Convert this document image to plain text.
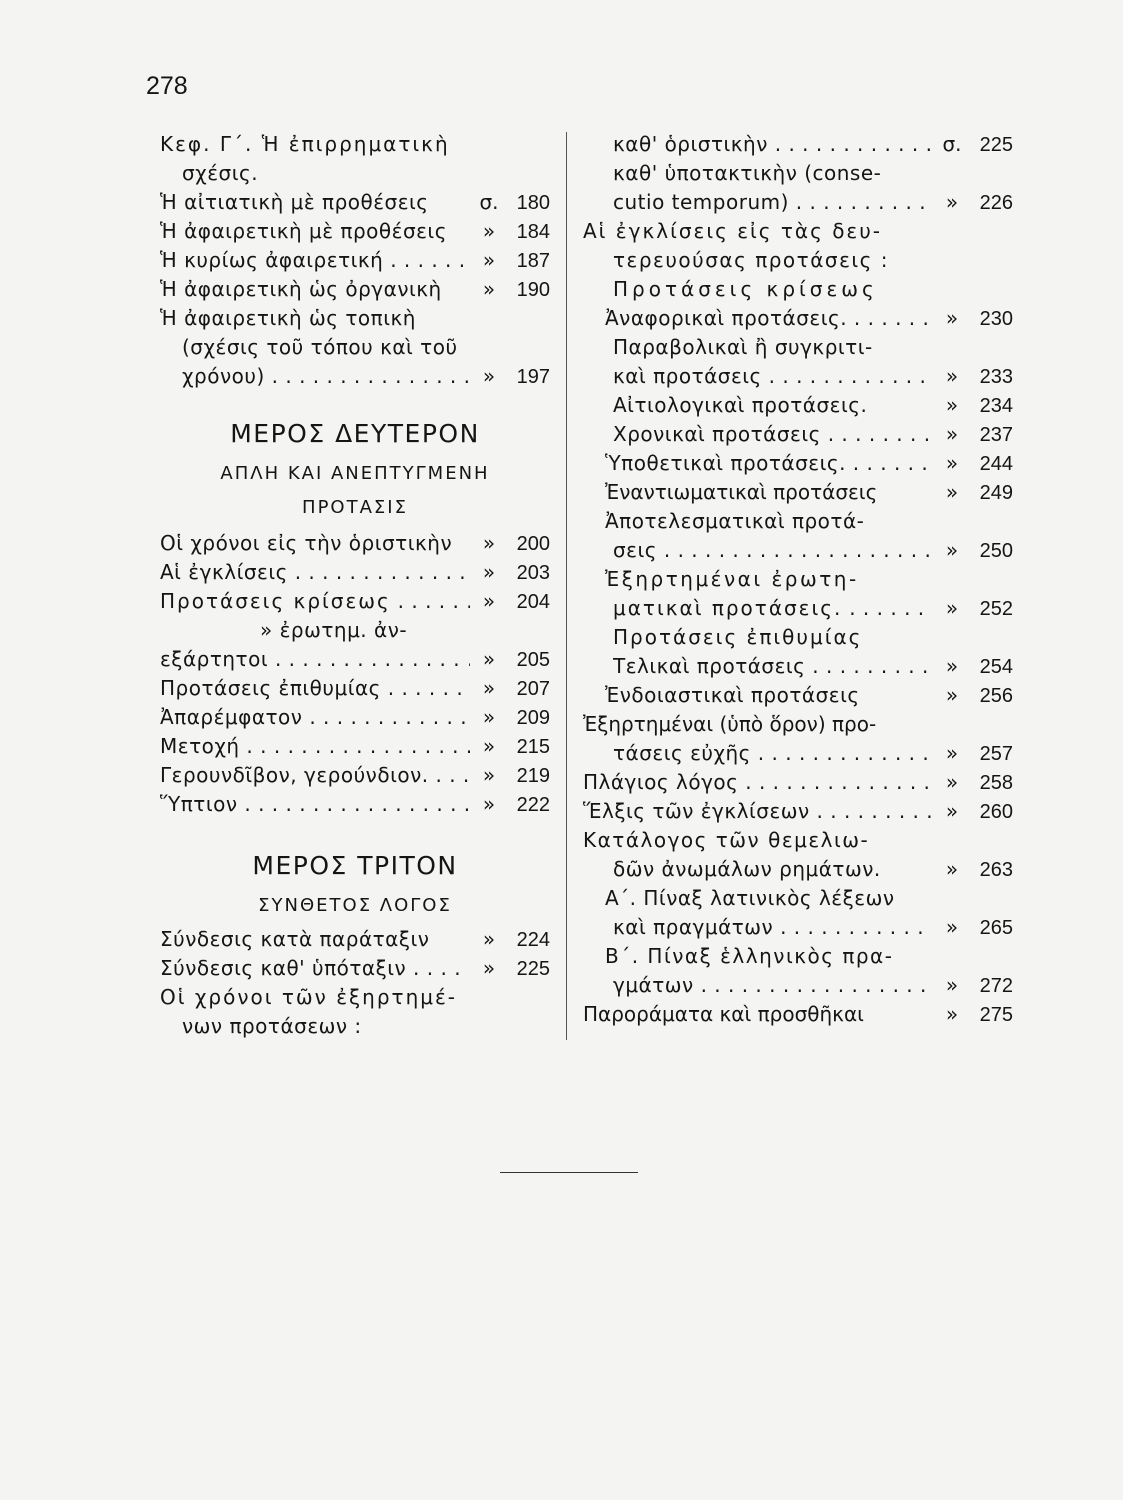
278
Κεφ. Γ΄. Ἡ ἐπιρρηματικὴ
σχέσις.
Ἡ αἰτιατικὴ μὲ προθέσεις	σ. 180
Ἡ ἀφαιρετικὴ μὲ προθέσεις	»	184
Ἡ κυρίως ἀφαιρετική . . .	»	187
Ἡ ἀφαιρετικὴ ὡς ὀργανικὴ	»	190
Ἡ ἀφαιρετικὴ ὡς τοπικὴ
(σχέσις τοῦ τόπου καὶ τοῦ
χρόνου) . . .	»	197
ΜΕΡΟΣ ΔΕΥΤΕΡΟΝ
ΑΠΛΗ ΚΑΙ ΑΝΕΠΤΥΓΜΕΝΗ
ΠΡΟΤΑΣΙΣ
Οἱ χρόνοι εἰς τὴν ὁριστικὴν	»	200
Αἱ ἐγκλίσεις . . .	»	203
Προτάσεις κρίσεως . . .	»	204
» ἐρωτημ. ἀν-
εξάρτητοι . . .	»	205
Προτάσεις ἐπιθυμίας . . .	»	207
Ἀπαρέμφατον . . .	»	209
Μετοχή . . .	»	215
Γερουνδῖβον, γερούνδιον. . . .	»	219
Ὕπτιον . . .	»	222
ΜΕΡΟΣ ΤΡΙΤΟΝ
ΣΥΝΘΕΤΟΣ ΛΟΓΟΣ
Σύνδεσις κατὰ παράταξιν	»	224
Σύνδεσις καθ' ὑπόταξιν . . .	»	225
Οἱ χρόνοι τῶν ἐξηρτημέ-
νων προτάσεων :
καθ' ὁριστικὴν . . .	σ. 225
καθ' ὑποτακτικὴν (conse-
cutio temporum) . . .	»	226
Αἱ ἐγκλίσεις εἰς τὰς δευ-
τερευούσας προτάσεις :
Προτάσεις κρίσεως
Ἀναφορικαὶ προτάσεις. . . .	»	230
Παραβολικαὶ ἢ συγκριτι-
καὶ προτάσεις . . .	»	233
Αἰτιολογικαὶ προτάσεις.	»	234
Χρονικαὶ προτάσεις . . .	»	237
Ὑποθετικαὶ προτάσεις. . . .	»	244
Ἐναντιωματικαὶ προτάσεις	»	249
Ἀποτελεσματικαὶ προτά-
σεις . . .	»	250
Ἐξηρτημέναι ἐρωτη-
ματικαὶ προτάσεις. . . .	»	252
Προτάσεις ἐπιθυμίας
Τελικαὶ προτάσεις . . .	»	254
Ἐνδοιαστικαὶ προτάσεις	»	256
Ἐξηρτημέναι (ὑπὸ ὅρον) προ-
τάσεις εὐχῆς . . .	»	257
Πλάγιος λόγος . . .	»	258
Ἕλξις τῶν ἐγκλίσεων . . .	»	260
Κατάλογος τῶν θεμελιω-
δῶν ἀνωμάλων ρημάτων.	»	263
Α΄. Πίναξ λατινικὸς λέξεων
καὶ πραγμάτων . . .	»	265
Β΄. Πίναξ ἑλληνικὸς πρα-
γμάτων . . .	»	272
Παροράματα καὶ προσθῆκαι	»	275
